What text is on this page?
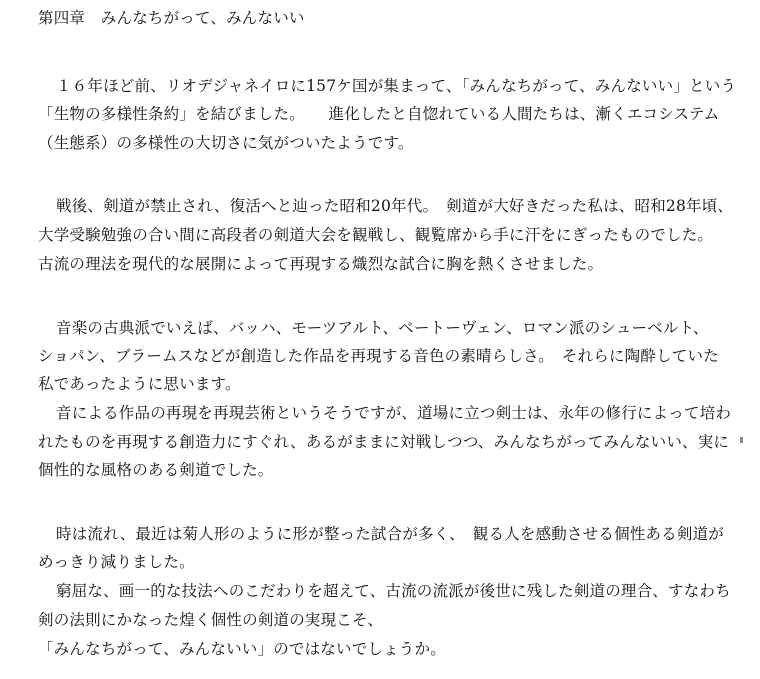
第四章　みんなちがって、みんないい
１６年ほど前、リオデジャネイロに157ケ国が集まって、「みんなちがって、みんないい」という
「生物の多様性条約」を結びました。　　進化したと自惚れている人間たちは、漸くエコシステム
（生態系）の多様性の大切さに気がついたようです。
戦後、剣道が禁止され、復活へと辿った昭和20年代。　剣道が大好きだった私は、昭和28年頃、
大学受験勉強の合い間に高段者の剣道大会を観戦し、観覧席から手に汗をにぎったものでした。
古流の理法を現代的な展開によって再現する熾烈な試合に胸を熱くさせました。
音楽の古典派でいえば、バッハ、モーツアルト、ベートーヴェン、ロマン派のシューベルト、
ショパン、ブラームスなどが創造した作品を再現する音色の素晴らしさ。　それらに陶酔していた
私であったように思います。
音による作品の再現を再現芸術というそうですが、道場に立つ剣士は、永年の修行によって培わ
れたものを再現する創造力にすぐれ、あるがままに対戦しつつ、みんなちがってみんないい、実に
個性的な風格のある剣道でした。
時は流れ、最近は菊人形のように形が整った試合が多く、　観る人を感動させる個性ある剣道が
めっきり減りました。
窮屈な、画一的な技法へのこだわりを超えて、古流の流派が後世に残した剣道の理合、すなわち
剣の法則にかなった煌く個性の剣道の実現こそ、
「みんなちがって、みんないい」のではないでしょうか。
